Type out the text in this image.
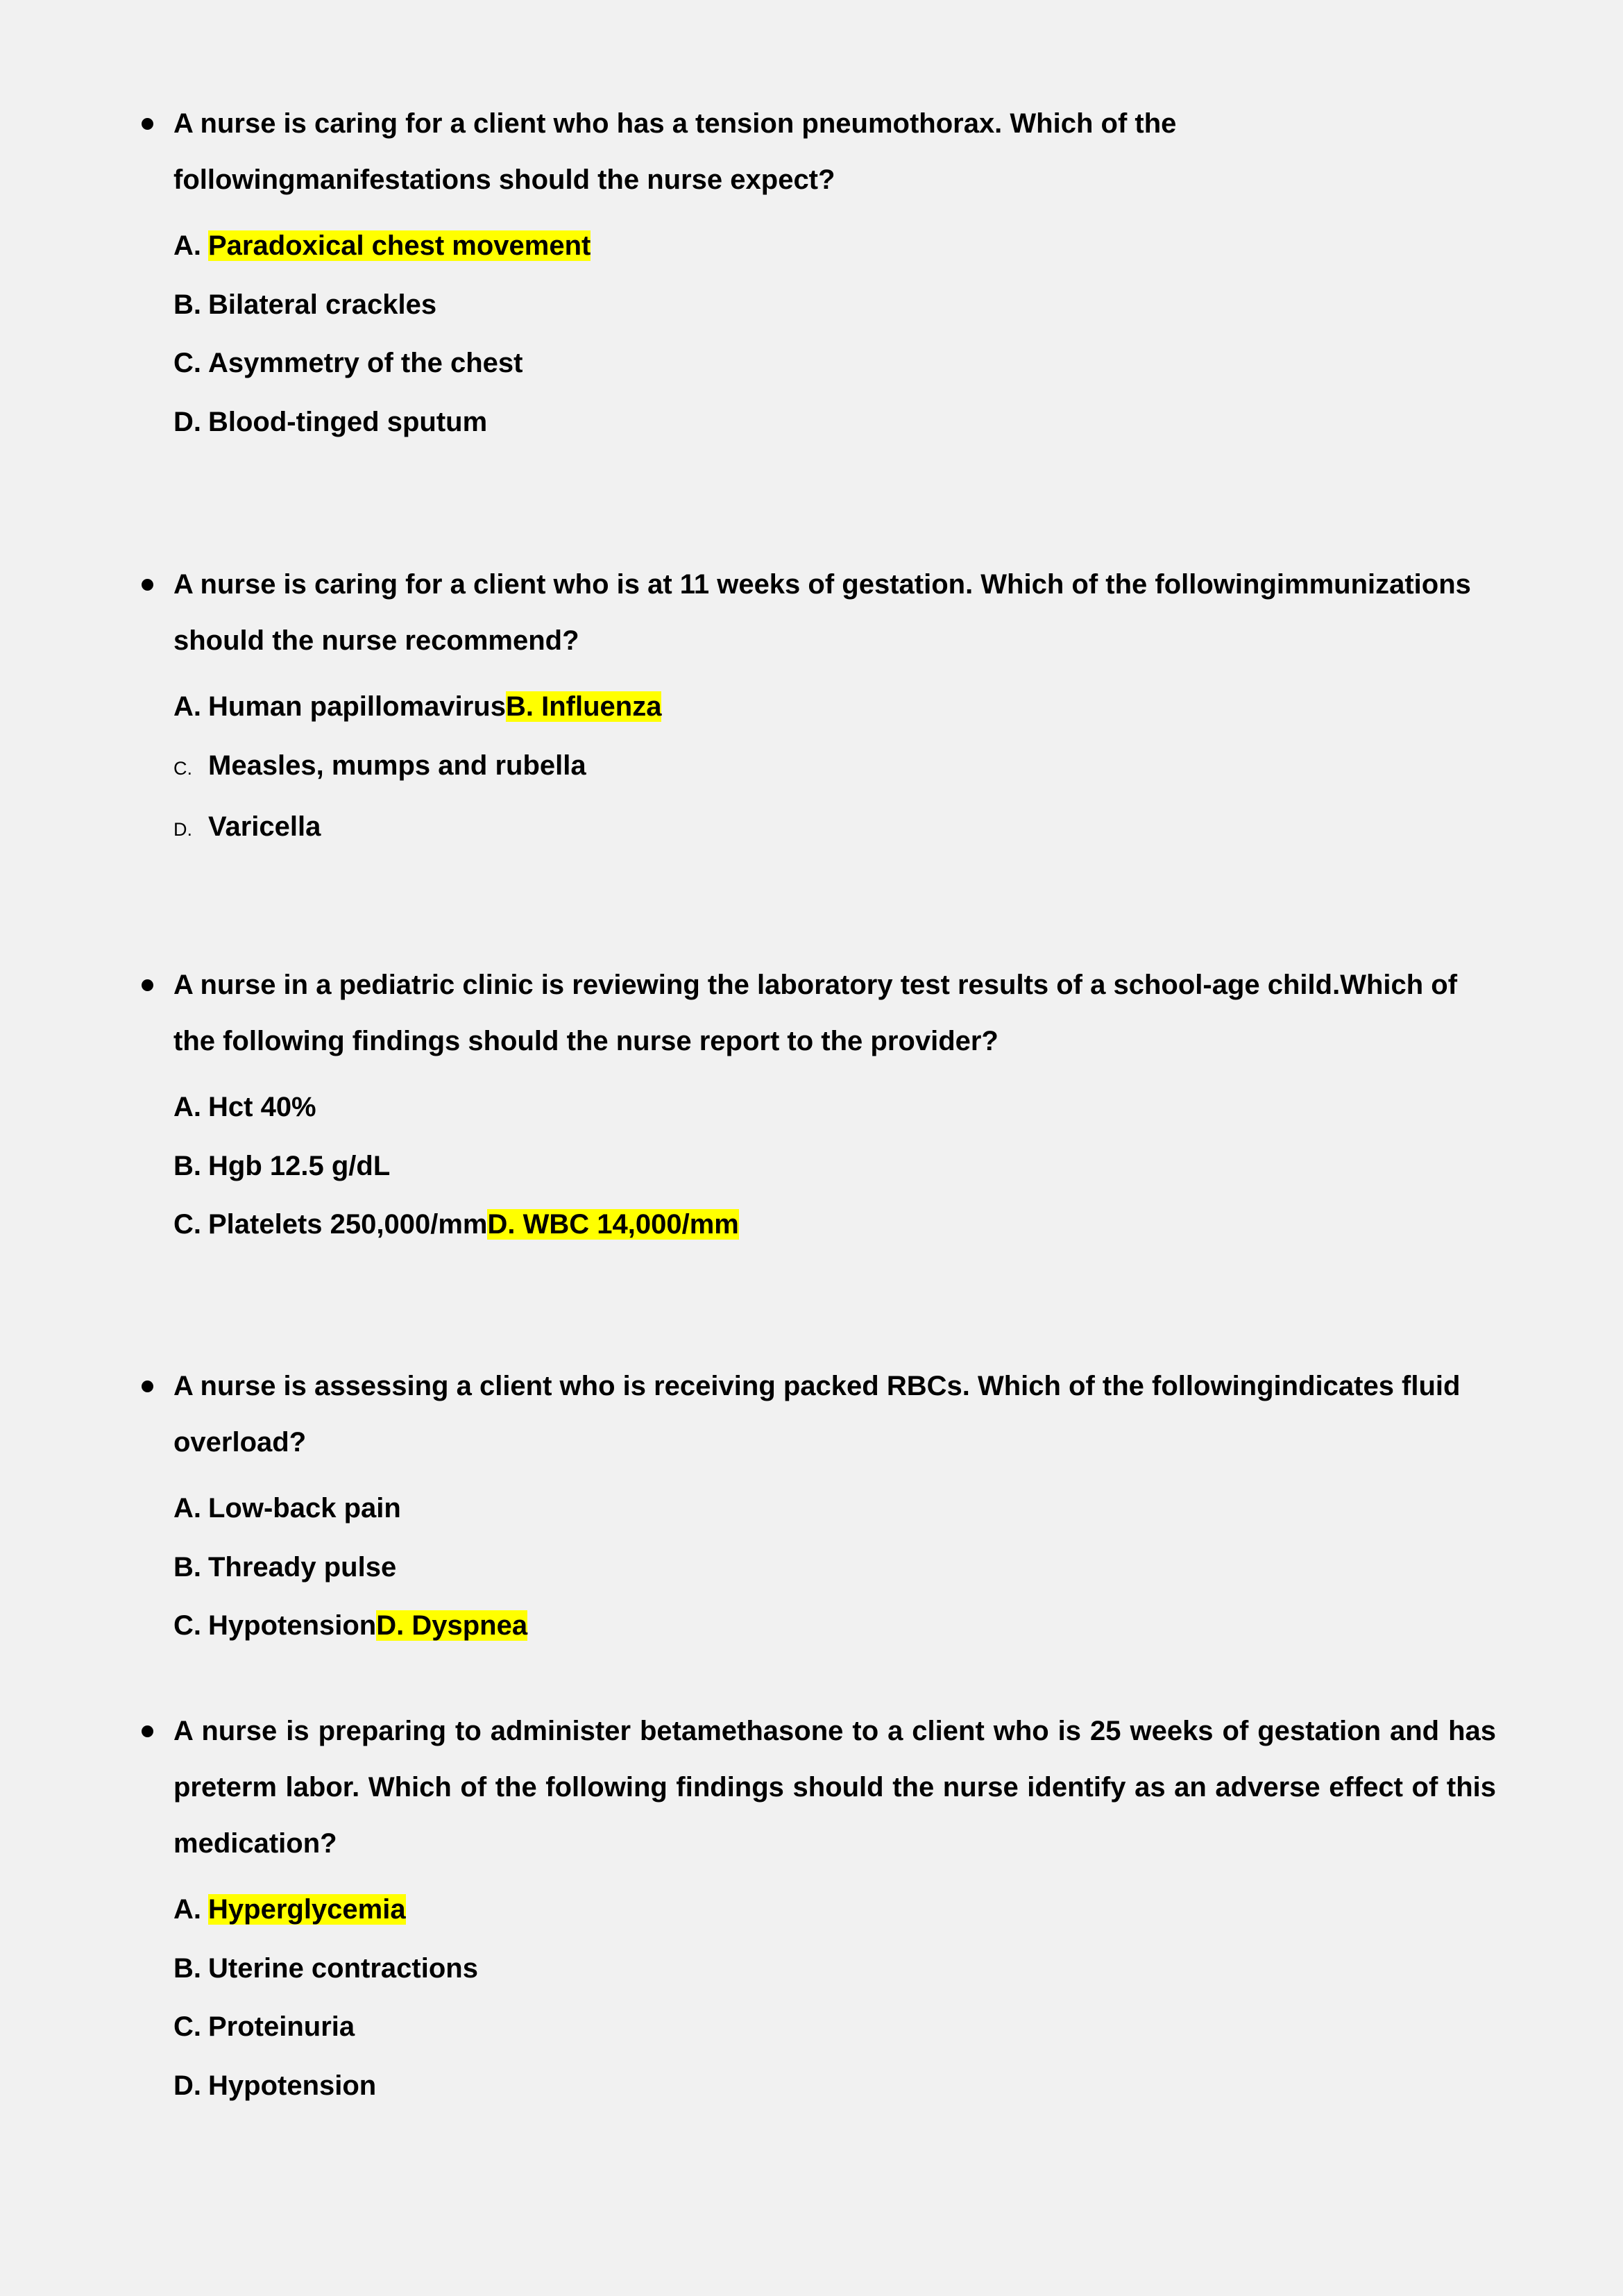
A nurse is caring for a client who has a tension pneumothorax. Which of the followingmanifestations should the nurse expect?

A. Paradoxical chest movement
B. Bilateral crackles
C. Asymmetry of the chest
D. Blood-tinged sputum

A nurse is caring for a client who is at 11 weeks of gestation. Which of the followingimmunizations should the nurse recommend?

A. Human papillomavirusB. Influenza
C. Measles, mumps and rubella
D. Varicella

A nurse in a pediatric clinic is reviewing the laboratory test results of a school-age child.Which of the following findings should the nurse report to the provider?

A. Hct 40%
B. Hgb 12.5 g/dL
C. Platelets 250,000/mmD. WBC 14,000/mm

A nurse is assessing a client who is receiving packed RBCs. Which of the followingindicates fluid overload?

A. Low-back pain
B. Thready pulse
C. HypotensionD. Dyspnea

A nurse is preparing to administer betamethasone to a client who is 25 weeks of gestation and has preterm labor. Which of the following findings should the nurse identify as an adverse effect of this medication?

A. Hyperglycemia
B. Uterine contractions
C. Proteinuria
D. Hypotension
